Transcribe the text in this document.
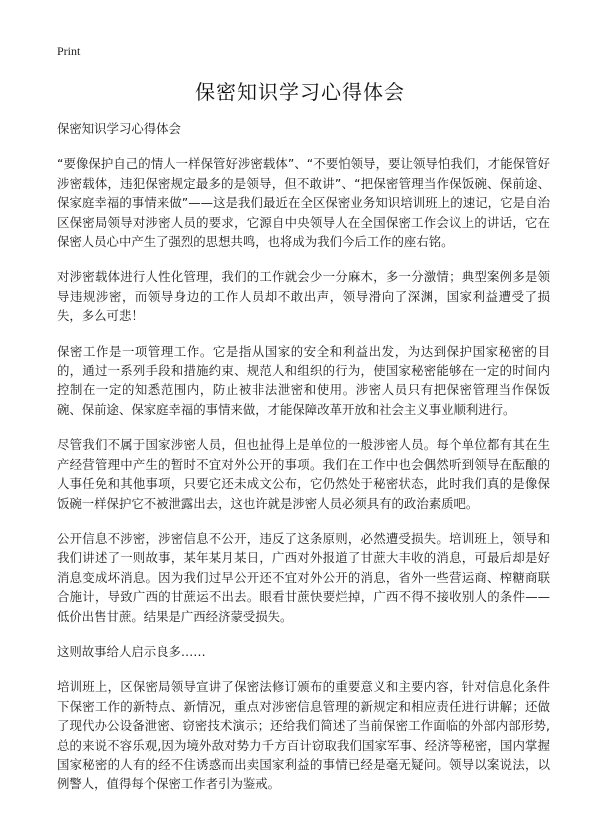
Print
保密知识学习心得体会

保密知识学习心得体会

“要像保护自己的情人一样保管好涉密载体”、“不要怕领导，要让领导怕我们，才能保管好涉密载体，违犯保密规定最多的是领导，但不敢讲”、“把保密管理当作保饭碗、保前途、保家庭幸福的事情来做”——这是我们最近在全区保密业务知识培训班上的速记，它是自治区保密局领导对涉密人员的要求，它源自中央领导人在全国保密工作会议上的讲话，它在保密人员心中产生了强烈的思想共鸣，也将成为我们今后工作的座右铭。

对涉密载体进行人性化管理，我们的工作就会少一分麻木，多一分激情；典型案例多是领导违规涉密，而领导身边的工作人员却不敢出声，领导滑向了深渊，国家利益遭受了损失，多么可悲！

保密工作是一项管理工作。它是指从国家的安全和利益出发，为达到保护国家秘密的目的，通过一系列手段和措施约束、规范人和组织的行为，使国家秘密能够在一定的时间内控制在一定的知悉范围内，防止被非法泄密和使用。涉密人员只有把保密管理当作保饭碗、保前途、保家庭幸福的事情来做，才能保障改革开放和社会主义事业顺利进行。

尽管我们不属于国家涉密人员，但也扯得上是单位的一般涉密人员。每个单位都有其在生产经营管理中产生的暂时不宜对外公开的事项。我们在工作中也会偶然听到领导在酝酿的人事任免和其他事项，只要它还未成文公布，它仍然处于秘密状态，此时我们真的是像保饭碗一样保护它不被泄露出去，这也许就是涉密人员必须具有的政治素质吧。

公开信息不涉密，涉密信息不公开，违反了这条原则，必然遭受损失。培训班上，领导和我们讲述了一则故事，某年某月某日，广西对外报道了甘蔗大丰收的消息，可最后却是好消息变成坏消息。因为我们过早公开还不宜对外公开的消息，省外一些营运商、榨糖商联合施计，导致广西的甘蔗运不出去。眼看甘蔗快要烂掉，广西不得不接收别人的条件——低价出售甘蔗。结果是广西经济蒙受损失。

这则故事给人启示良多……

培训班上，区保密局领导宣讲了保密法修订颁布的重要意义和主要内容，针对信息化条件下保密工作的新特点、新情况，重点对涉密信息管理的新规定和相应责任进行讲解；还做了现代办公设备泄密、窃密技术演示；还给我们简述了当前保密工作面临的外部内部形势,总的来说不容乐观,因为境外敌对势力千方百计窃取我们国家军事、经济等秘密，国内掌握国家秘密的人有的经不住诱惑而出卖国家利益的事情已经是毫无疑问。领导以案说法，以例警人，值得每个保密工作者引为鉴戒。
